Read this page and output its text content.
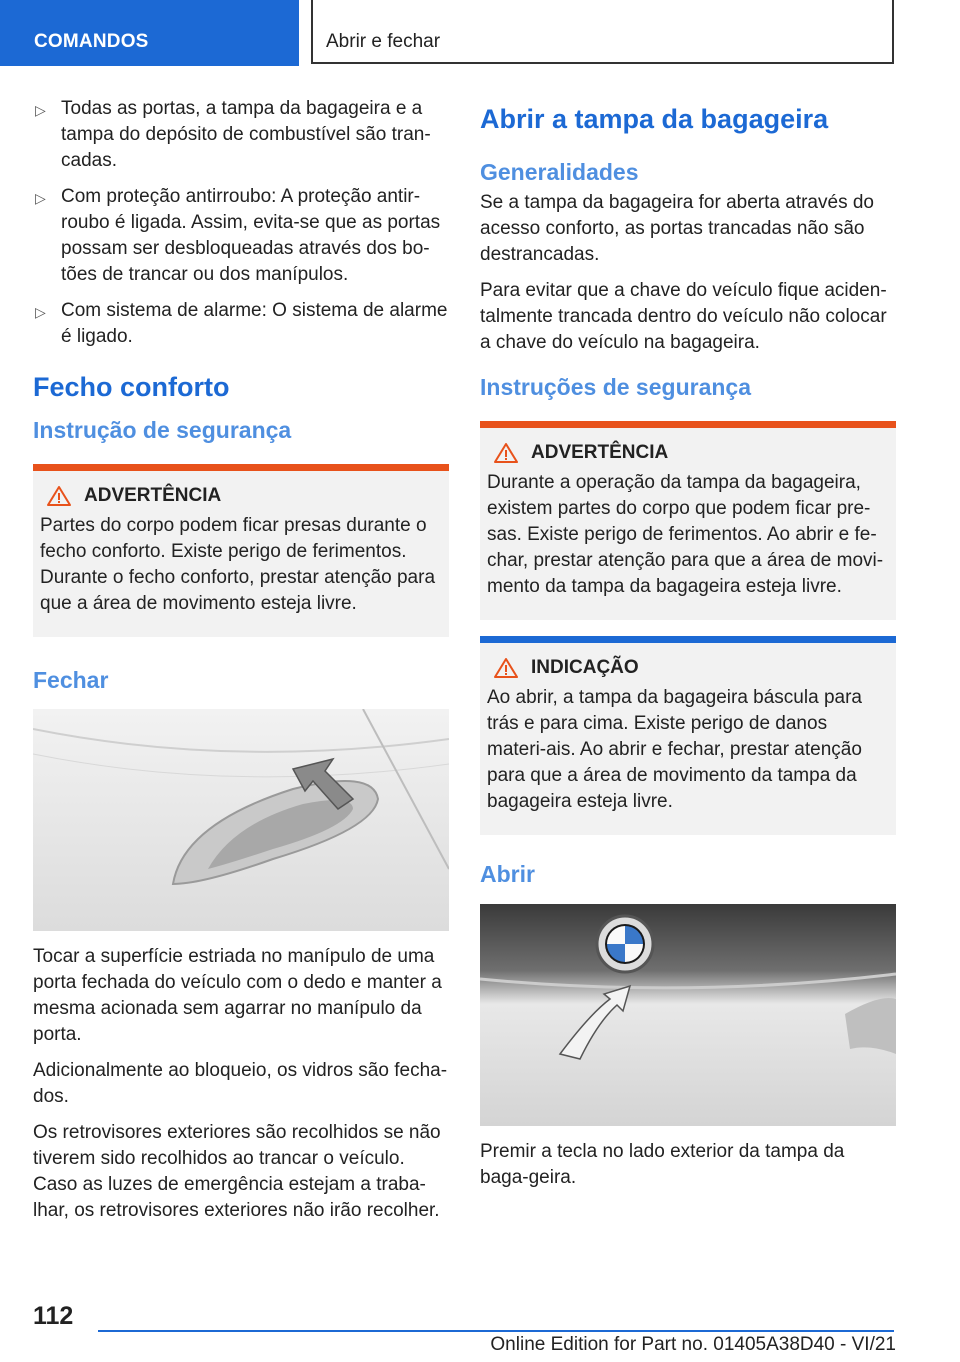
COMANDOS	Abrir e fechar
▷ Todas as portas, a tampa da bagageira e a tampa do depósito de combustível são tran‐cadas.
▷ Com proteção antirroubo: A proteção antir‐roubo é ligada. Assim, evita-se que as portas possam ser desbloqueadas através dos bo‐tões de trancar ou dos manípulos.
▷ Com sistema de alarme: O sistema de alarme é ligado.
Fecho conforto
Instrução de segurança
ADVERTÊNCIA

Partes do corpo podem ficar presas durante o fecho conforto. Existe perigo de ferimentos. Durante o fecho conforto, prestar atenção para que a área de movimento esteja livre.

Fechar

Tocar a superfície estriada no manípulo de uma porta fechada do veículo com o dedo e manter a mesma acionada sem agarrar no manípulo da porta.

Adicionalmente ao bloqueio, os vidros são fecha‐dos.

Os retrovisores exteriores são recolhidos se não tiverem sido recolhidos ao trancar o veículo. Caso as luzes de emergência estejam a traba‐lhar, os retrovisores exteriores não irão recolher.

Abrir a tampa da bagageira
Generalidades

Se a tampa da bagageira for aberta através do acesso conforto, as portas trancadas não são destrancadas.

Para evitar que a chave do veículo fique aciden‐talmente trancada dentro do veículo não colocar a chave do veículo na bagageira.

Instruções de segurança
ADVERTÊNCIA

Durante a operação da tampa da bagageira, existem partes do corpo que podem ficar pre‐sas. Existe perigo de ferimentos. Ao abrir e fe‐char, prestar atenção para que a área de movi‐mento da tampa da bagageira esteja livre.

INDICAÇÃO

Ao abrir, a tampa da bagageira báscula para trás e para cima. Existe perigo de danos materi‐ais. Ao abrir e fechar, prestar atenção para que a área de movimento da tampa da bagageira esteja livre.

Abrir

Premir a tecla no lado exterior da tampa da baga‐geira.

112
Online Edition for Part no. 01405A38D40 - VI/21
